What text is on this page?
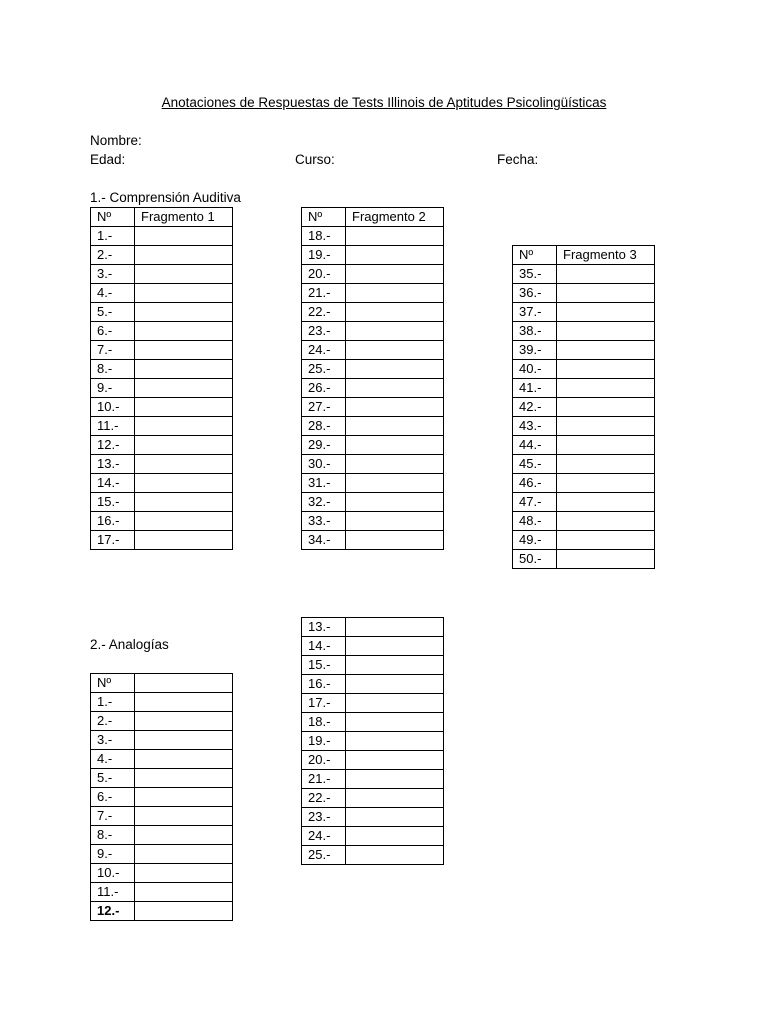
Anotaciones de Respuestas de Tests Illinois de Aptitudes Psicolingüísticas
Nombre:
Edad:	Curso:	Fecha:
1.- Comprensión Auditiva
Nº	Fragmento 1
1.-	
2.-	
3.-	
4.-	
5.-	
6.-	
7.-	
8.-	
9.-	
10.-	
11.-	
12.-	
13.-	
14.-	
15.-	
16.-	
17.-	
Nº	Fragmento 2
18.-	
19.-	
20.-	
21.-	
22.-	
23.-	
24.-	
25.-	
26.-	
27.-	
28.-	
29.-	
30.-	
31.-	
32.-	
33.-	
34.-	
Nº	Fragmento 3
35.-	
36.-	
37.-	
38.-	
39.-	
40.-	
41.-	
42.-	
43.-	
44.-	
45.-	
46.-	
47.-	
48.-	
49.-	
50.-	
2.- Analogías
Nº	
1.-	
2.-	
3.-	
4.-	
5.-	
6.-	
7.-	
8.-	
9.-	
10.-	
11.-	
12.-	
13.-	
14.-	
15.-	
16.-	
17.-	
18.-	
19.-	
20.-	
21.-	
22.-	
23.-	
24.-	
25.-	
